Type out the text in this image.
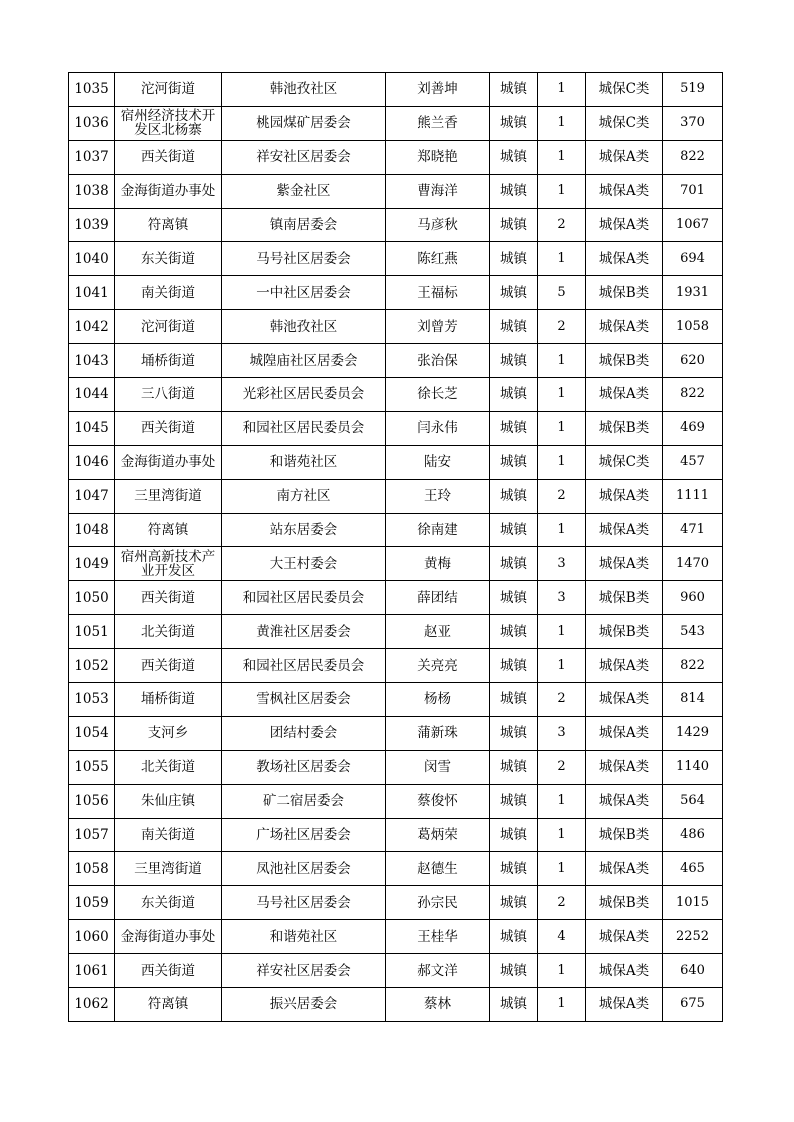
1035	沱河街道	韩池孜社区	刘善坤	城镇	1	城保C类	519
1036	宿州经济技术开发区北杨寨	桃园煤矿居委会	熊兰香	城镇	1	城保C类	370
1037	西关街道	祥安社区居委会	郑晓艳	城镇	1	城保A类	822
1038	金海街道办事处	紫金社区	曹海洋	城镇	1	城保A类	701
1039	符离镇	镇南居委会	马彦秋	城镇	2	城保A类	1067
1040	东关街道	马号社区居委会	陈红燕	城镇	1	城保A类	694
1041	南关街道	一中社区居委会	王福标	城镇	5	城保B类	1931
1042	沱河街道	韩池孜社区	刘曾芳	城镇	2	城保A类	1058
1043	埇桥街道	城隍庙社区居委会	张治保	城镇	1	城保B类	620
1044	三八街道	光彩社区居民委员会	徐长芝	城镇	1	城保A类	822
1045	西关街道	和园社区居民委员会	闫永伟	城镇	1	城保B类	469
1046	金海街道办事处	和谐苑社区	陆安	城镇	1	城保C类	457
1047	三里湾街道	南方社区	王玲	城镇	2	城保A类	1111
1048	符离镇	站东居委会	徐南建	城镇	1	城保A类	471
1049	宿州高新技术产业开发区	大王村委会	黄梅	城镇	3	城保A类	1470
1050	西关街道	和园社区居民委员会	薛团结	城镇	3	城保B类	960
1051	北关街道	黄淮社区居委会	赵亚	城镇	1	城保B类	543
1052	西关街道	和园社区居民委员会	关亮亮	城镇	1	城保A类	822
1053	埇桥街道	雪枫社区居委会	杨杨	城镇	2	城保A类	814
1054	支河乡	团结村委会	蒲新珠	城镇	3	城保A类	1429
1055	北关街道	教场社区居委会	闵雪	城镇	2	城保A类	1140
1056	朱仙庄镇	矿二宿居委会	蔡俊怀	城镇	1	城保A类	564
1057	南关街道	广场社区居委会	葛炳荣	城镇	1	城保B类	486
1058	三里湾街道	凤池社区居委会	赵德生	城镇	1	城保A类	465
1059	东关街道	马号社区居委会	孙宗民	城镇	2	城保B类	1015
1060	金海街道办事处	和谐苑社区	王桂华	城镇	4	城保A类	2252
1061	西关街道	祥安社区居委会	郝文洋	城镇	1	城保A类	640
1062	符离镇	振兴居委会	蔡林	城镇	1	城保A类	675
